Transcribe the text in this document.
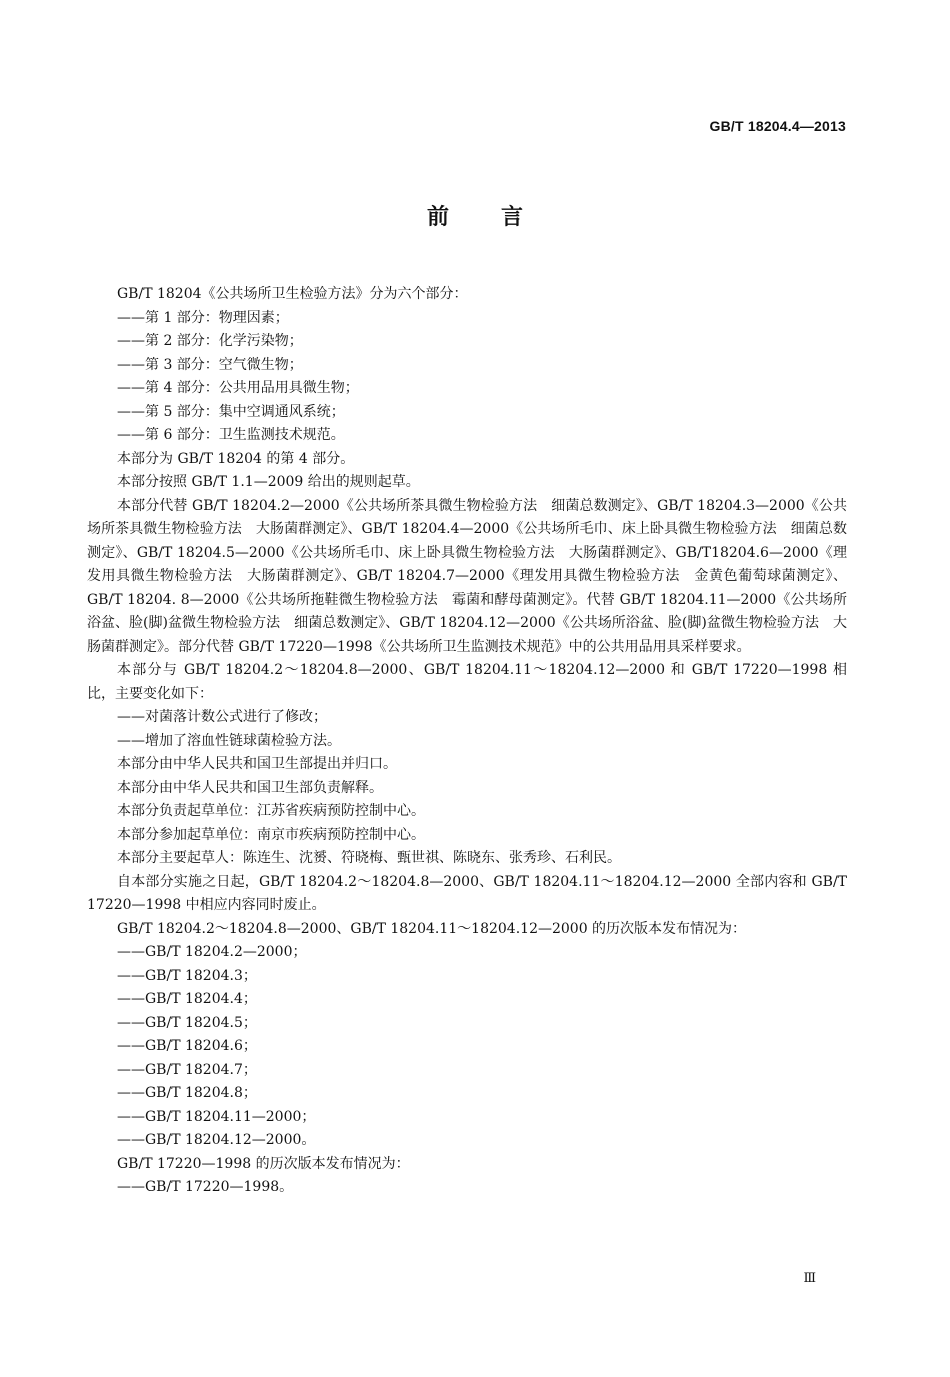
GB/T 18204.4—2013
前言

GB/T 18204《公共场所卫生检验方法》分为六个部分：

——第 1 部分：物理因素；

——第 2 部分：化学污染物；

——第 3 部分：空气微生物；

——第 4 部分：公共用品用具微生物；

——第 5 部分：集中空调通风系统；

——第 6 部分：卫生监测技术规范。

本部分为 GB/T 18204 的第 4 部分。

本部分按照 GB/T 1.1—2009 给出的规则起草。

本部分代替 GB/T 18204.2—2000《公共场所茶具微生物检验方法　细菌总数测定》、GB/T 18204.3—2000《公共场所茶具微生物检验方法　大肠菌群测定》、GB/T 18204.4—2000《公共场所毛巾、床上卧具微生物检验方法　细菌总数测定》、GB/T 18204.5—2000《公共场所毛巾、床上卧具微生物检验方法　大肠菌群测定》、GB/T18204.6—2000《理发用具微生物检验方法　大肠菌群测定》、GB/T 18204.7—2000《理发用具微生物检验方法　金黄色葡萄球菌测定》、GB/T 18204. 8—2000《公共场所拖鞋微生物检验方法　霉菌和酵母菌测定》。代替 GB/T 18204.11—2000《公共场所浴盆、脸(脚)盆微生物检验方法　细菌总数测定》、GB/T 18204.12—2000《公共场所浴盆、脸(脚)盆微生物检验方法　大肠菌群测定》。部分代替 GB/T 17220—1998《公共场所卫生监测技术规范》中的公共用品用具采样要求。

本部分与 GB/T 18204.2～18204.8—2000、GB/T 18204.11～18204.12—2000 和 GB/T 17220—1998 相比，主要变化如下：

——对菌落计数公式进行了修改；

——增加了溶血性链球菌检验方法。

本部分由中华人民共和国卫生部提出并归口。

本部分由中华人民共和国卫生部负责解释。

本部分负责起草单位：江苏省疾病预防控制中心。

本部分参加起草单位：南京市疾病预防控制中心。

本部分主要起草人：陈连生、沈赟、符晓梅、甄世祺、陈晓东、张秀珍、石利民。

自本部分实施之日起，GB/T 18204.2～18204.8—2000、GB/T 18204.11～18204.12—2000 全部内容和 GB/T 17220—1998 中相应内容同时废止。

GB/T 18204.2～18204.8—2000、GB/T 18204.11～18204.12—2000 的历次版本发布情况为：

——GB/T 18204.2—2000；

——GB/T 18204.3；

——GB/T 18204.4；

——GB/T 18204.5；

——GB/T 18204.6；

——GB/T 18204.7；

——GB/T 18204.8；

——GB/T 18204.11—2000；

——GB/T 18204.12—2000。

GB/T 17220—1998 的历次版本发布情况为：

——GB/T 17220—1998。

Ⅲ
